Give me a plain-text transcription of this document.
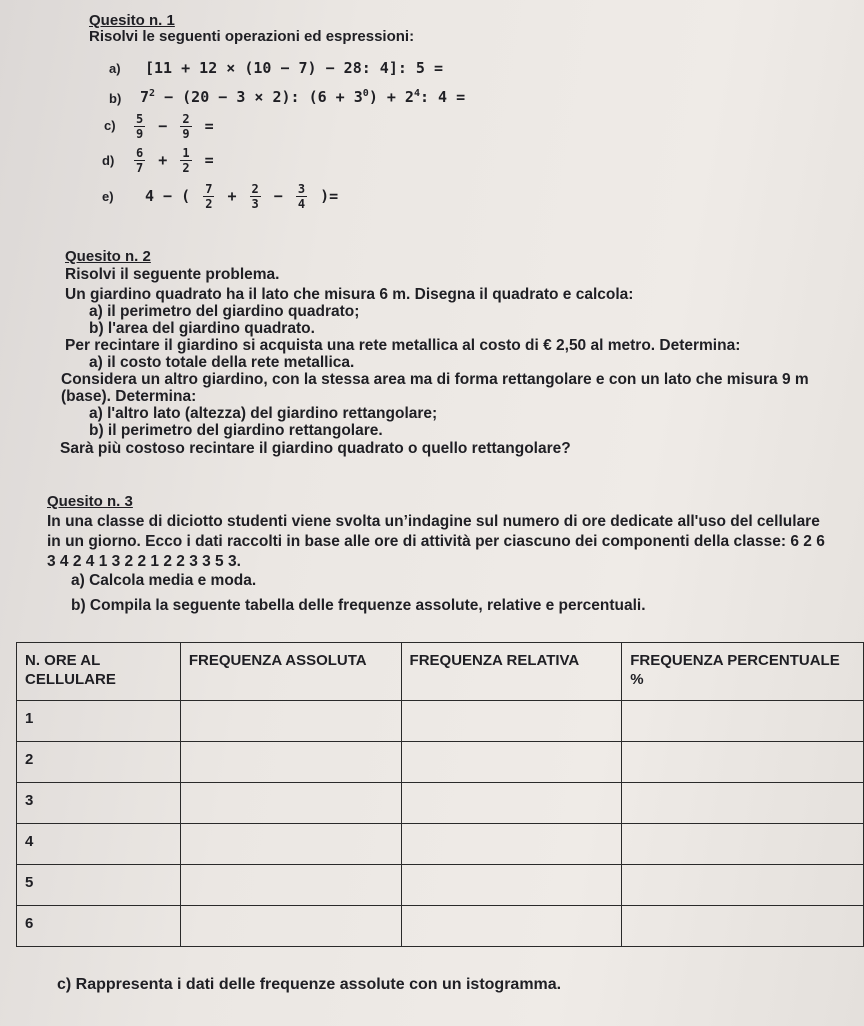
Quesito n. 1
Risolvi le seguenti operazioni ed espressioni:
a) [11 + 12 × (10 − 7) − 28: 4]: 5 =
b) $7^2 - (20 - 3 \times 2)$: $(6 + 3^0) + 2^4$: 4 =
$c) \frac{5}{9} - \frac{2}{9}$ =
$d) \frac{6}{7} + \frac{1}{2}$ =
e) 4 − ( $\frac{7}{2} + \frac{2}{3} - \frac{3}{4}$ )=
Quesito n. 2
Risolvi il seguente problema.
Un giardino quadrato ha il lato che misura 6 m. Disegna il quadrato e calcola:
a) il perimetro del giardino quadrato;
b) l'area del giardino quadrato.
Per recintare il giardino si acquista una rete metallica al costo di € 2,50 al metro. Determina:
a) il costo totale della rete metallica.
Considera un altro giardino, con la stessa area ma di forma rettangolare e con un lato che misura 9 m
(base). Determina:
a) l'altro lato (altezza) del giardino rettangolare;
b) il perimetro del giardino rettangolare.
Sarà più costoso recintare il giardino quadrato o quello rettangolare?
Quesito n. 3
In una classe di diciotto studenti viene svolta un’indagine sul numero di ore dedicate all'uso del cellulare
in un giorno. Ecco i dati raccolti in base alle ore di attività per ciascuno dei componenti della classe: 6 2 6
3 4 2 4 1 3 2 2 1 2 2 3 3 5 3.
a) Calcola media e moda.
b) Compila la seguente tabella delle frequenze assolute, relative e percentuali.
N. ORE AL CELLULARE	FREQUENZA ASSOLUTA	FREQUENZA RELATIVA	FREQUENZA PERCENTUALE %
1			
2			
3			
4			
5			
6			
c) Rappresenta i dati delle frequenze assolute con un istogramma.
